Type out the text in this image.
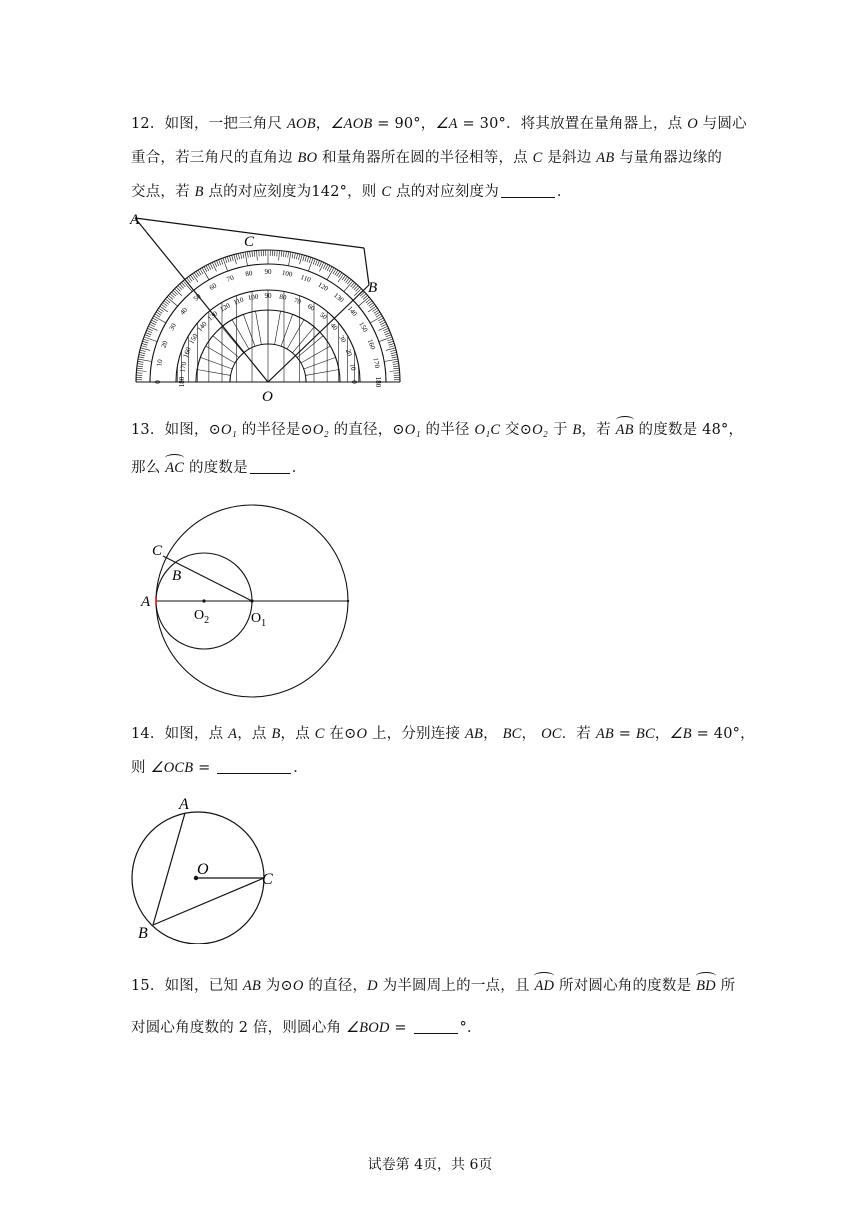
12．如图，一把三角尺 AOB，∠AOB = 90°，∠A = 30°．将其放置在量角器上，点 O 与圆心
重合，若三角尺的直角边 BO 和量角器所在圆的半径相等，点 C 是斜边 AB 与量角器边缘的
交点，若 B 点的对应刻度为142°，则 C 点的对应刻度为	．
0
10
20
30
40
50
60
70
80 90 100 110
120
130
140
150
160
170
180
180
170
160
150
140
130
120
110 100 90 80 70
60
50
40
30
20
10
0
A
C
B
O
13．如图，⊙O₁ 的半径是⊙O₂ 的直径，⊙O₁ 的半径 O₁C 交⊙O₂ 于 B，若 AB 的度数是 48°，
那么 AC 的度数是	．
C
B
A
$O_2$	$O_1$
14．如图，点 A，点 B，点 C 在⊙O 上，分别连接 AB， BC， OC．若 AB = BC，∠B = 40°，
则 ∠OCB =	．
A
O
C
B
15．如图，已知 AB 为⊙O 的直径，D 为半圆周上的一点，且 AD 所对圆心角的度数是 BD 所
对圆心角度数的 2 倍，则圆心角 ∠BOD =	°．
试卷第 4页，共 6页
